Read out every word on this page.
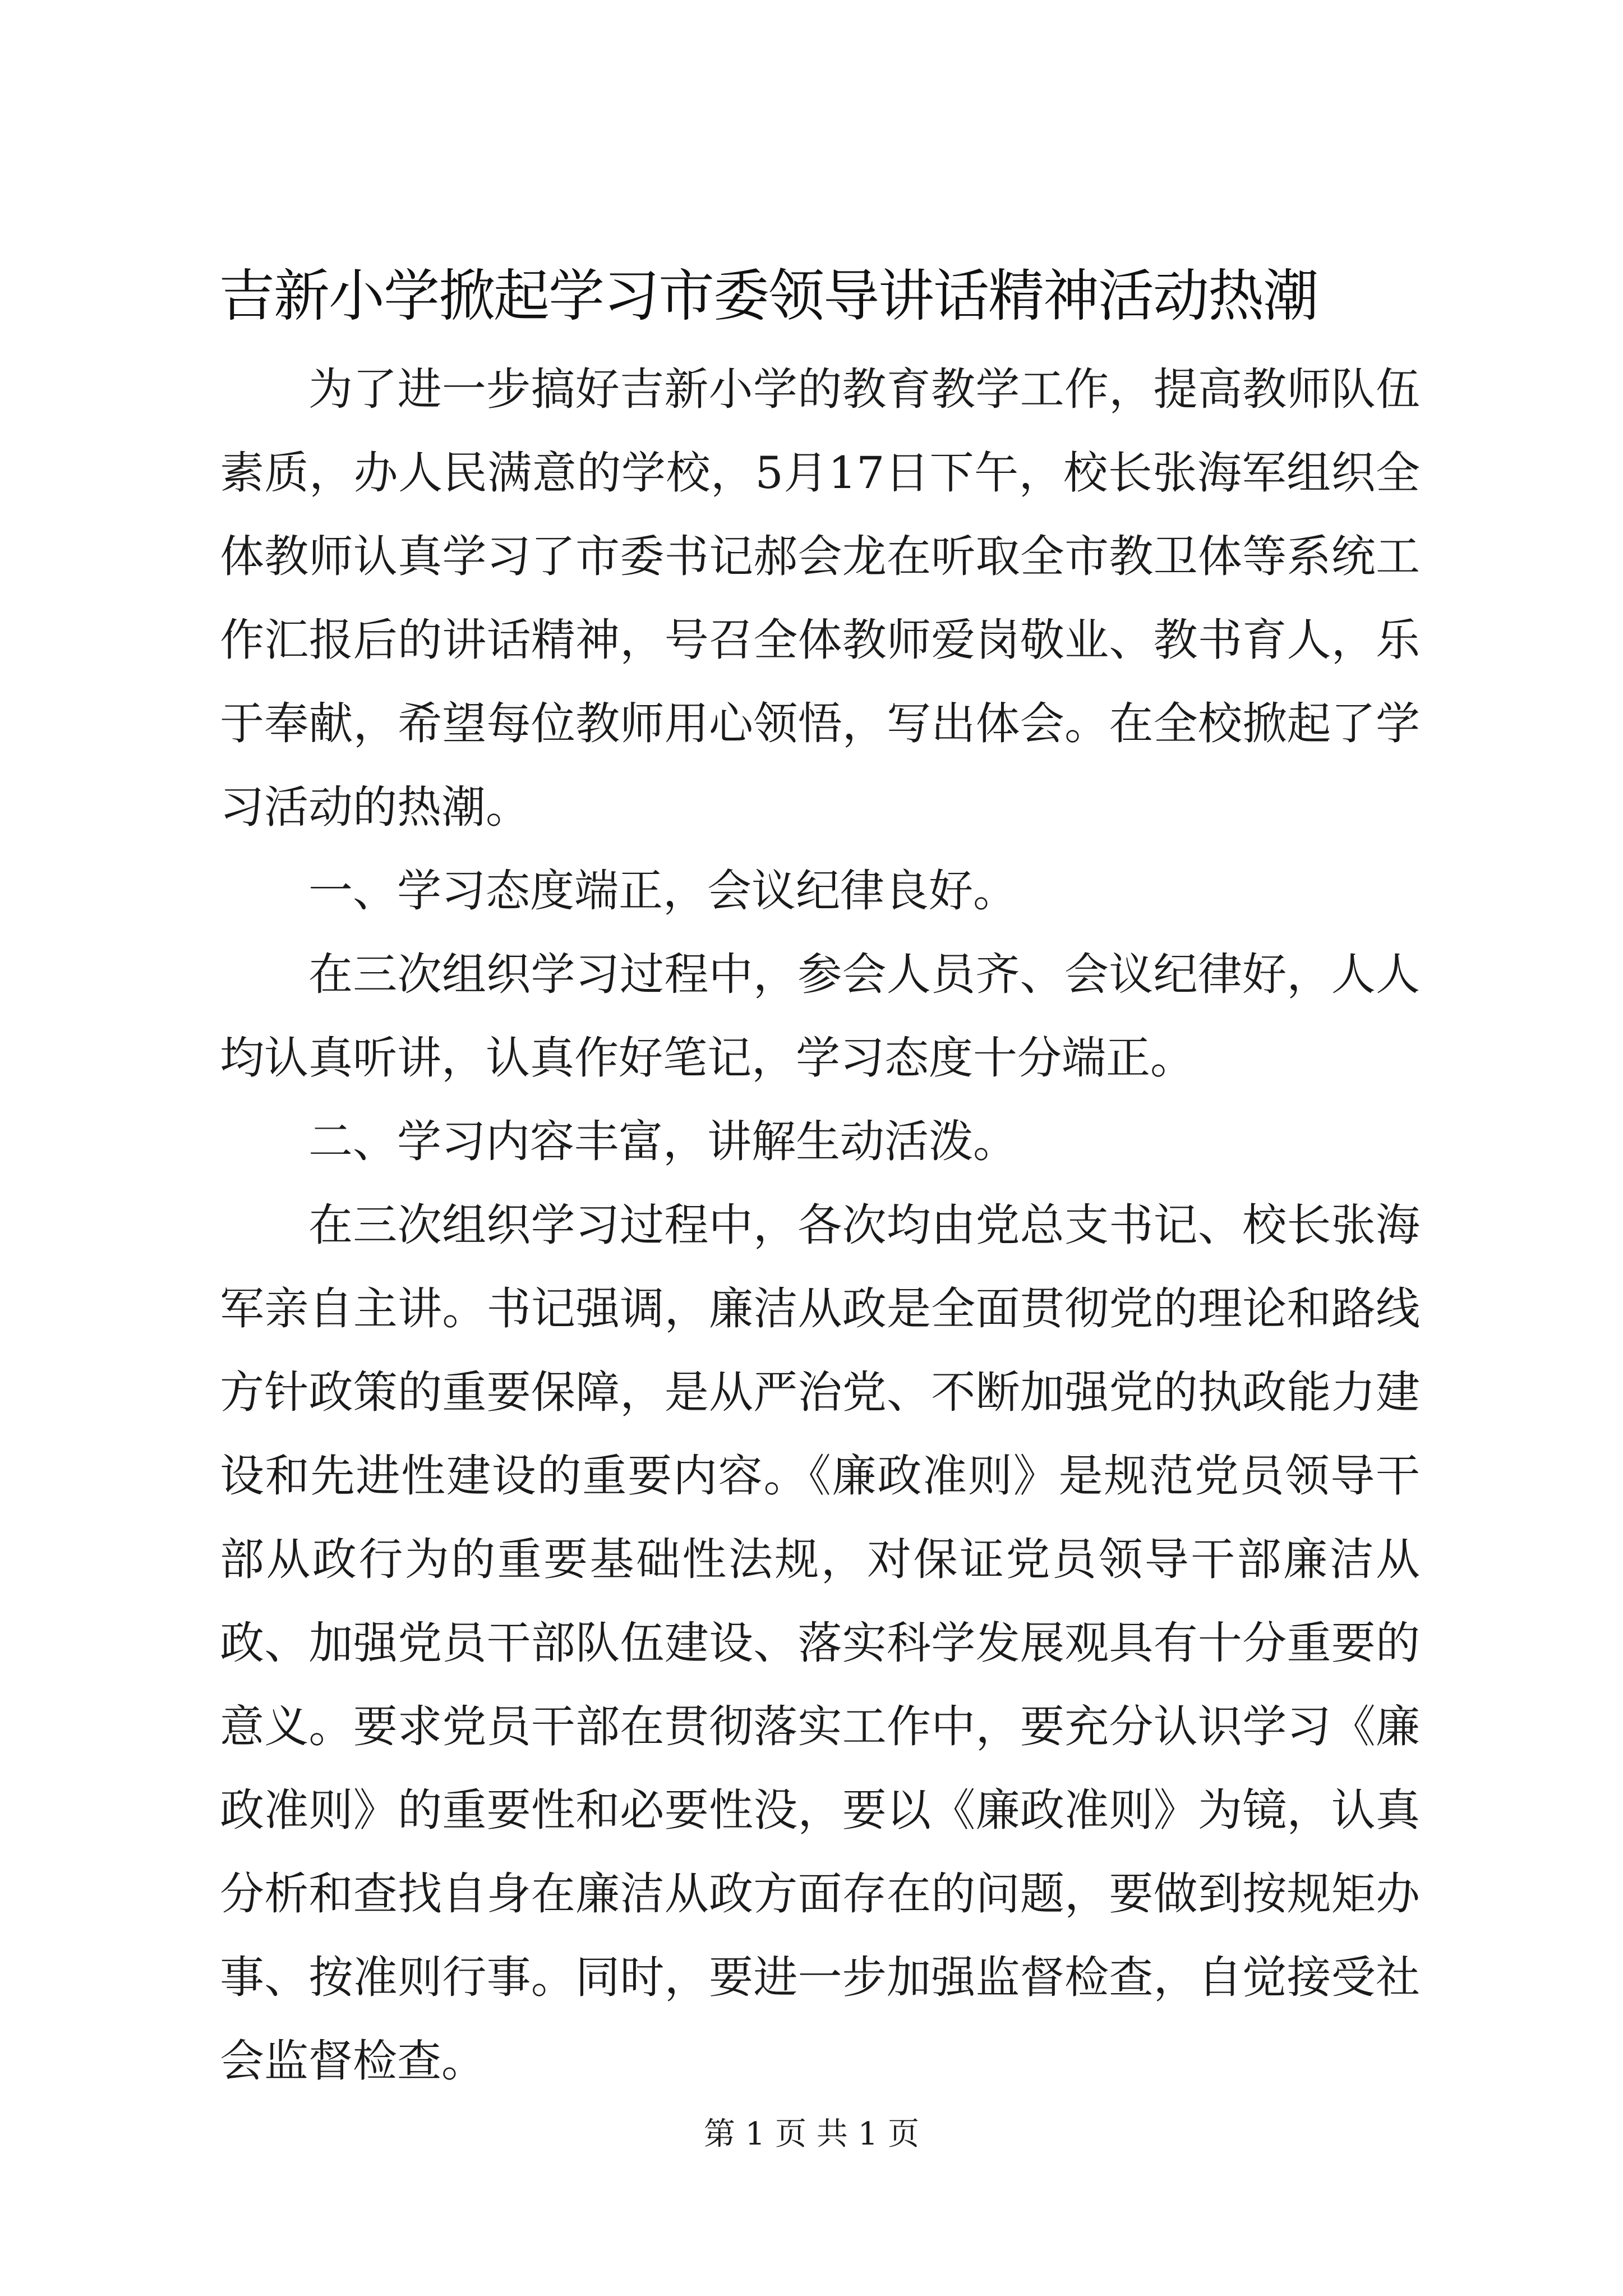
吉新小学掀起学习市委领导讲话精神活动热潮

为了进一步搞好吉新小学的教育教学工作，提高教师队伍素质，办人民满意的学校，5月17日下午，校长张海军组织全体教师认真学习了市委书记郝会龙在听取全市教卫体等系统工作汇报后的讲话精神，号召全体教师爱岗敬业、教书育人，乐于奉献，希望每位教师用心领悟，写出体会。在全校掀起了学习活动的热潮。

一、学习态度端正，会议纪律良好。

在三次组织学习过程中，参会人员齐、会议纪律好，人人均认真听讲，认真作好笔记，学习态度十分端正。

二、学习内容丰富，讲解生动活泼。

在三次组织学习过程中，各次均由党总支书记、校长张海军亲自主讲。书记强调，廉洁从政是全面贯彻党的理论和路线方针政策的重要保障，是从严治党、不断加强党的执政能力建设和先进性建设的重要内容。《廉政准则》是规范党员领导干部从政行为的重要基础性法规，对保证党员领导干部廉洁从政、加强党员干部队伍建设、落实科学发展观具有十分重要的意义。要求党员干部在贯彻落实工作中，要充分认识学习《廉政准则》的重要性和必要性没，要以《廉政准则》为镜，认真分析和查找自身在廉洁从政方面存在的问题，要做到按规矩办事、按准则行事。同时，要进一步加强监督检查，自觉接受社会监督检查。

第 1 页 共 1 页
